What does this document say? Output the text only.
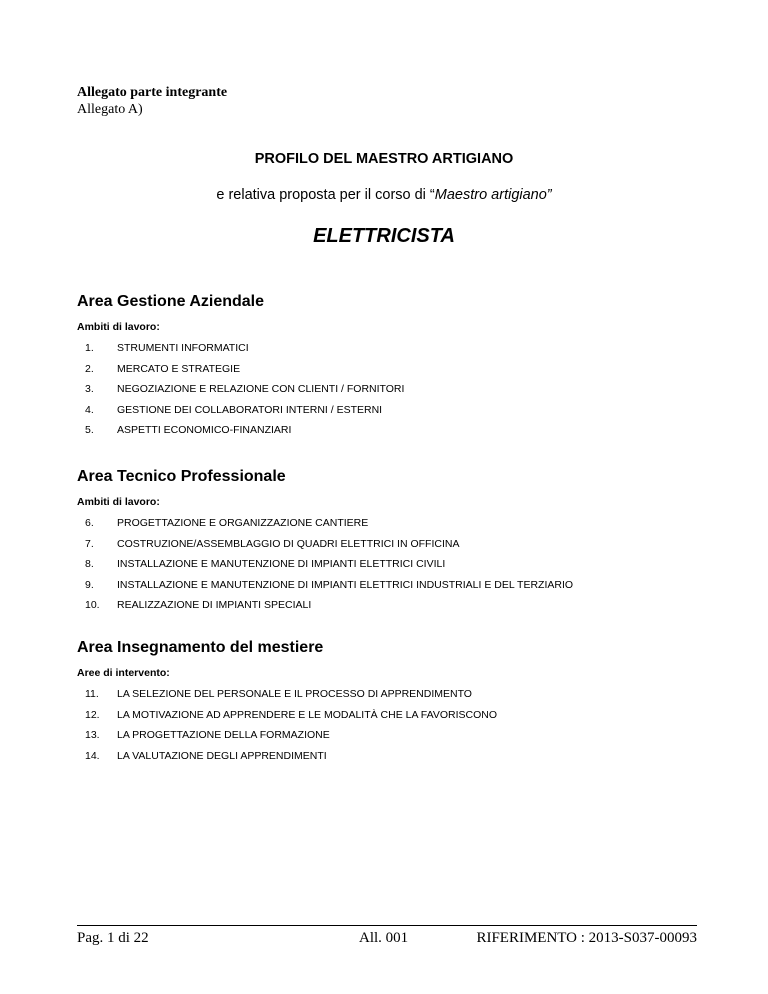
Allegato parte integrante
Allegato A)
PROFILO DEL MAESTRO ARTIGIANO
e relativa proposta per il corso di “Maestro artigiano”
ELETTRICISTA
Area Gestione Aziendale
Ambiti di lavoro:
1.	STRUMENTI INFORMATICI
2.	MERCATO E STRATEGIE
3.	NEGOZIAZIONE E RELAZIONE CON CLIENTI / FORNITORI
4.	GESTIONE DEI COLLABORATORI INTERNI / ESTERNI
5.	ASPETTI ECONOMICO-FINANZIARI
Area Tecnico Professionale
Ambiti di lavoro:
6.	PROGETTAZIONE E ORGANIZZAZIONE CANTIERE
7.	COSTRUZIONE/ASSEMBLAGGIO DI QUADRI ELETTRICI IN OFFICINA
8.	INSTALLAZIONE E MANUTENZIONE DI IMPIANTI ELETTRICI CIVILI
9.	INSTALLAZIONE E MANUTENZIONE DI IMPIANTI ELETTRICI INDUSTRIALI E DEL TERZIARIO
10.	REALIZZAZIONE DI IMPIANTI SPECIALI
Area Insegnamento del mestiere
Aree di intervento:
11.	LA SELEZIONE DEL PERSONALE E IL PROCESSO DI APPRENDIMENTO
12.	LA MOTIVAZIONE AD APPRENDERE E LE MODALITÀ CHE LA FAVORISCONO
13.	LA PROGETTAZIONE DELLA FORMAZIONE
14.	LA VALUTAZIONE DEGLI APPRENDIMENTI
Pag. 1 di 22	All. 001	RIFERIMENTO : 2013-S037-00093
